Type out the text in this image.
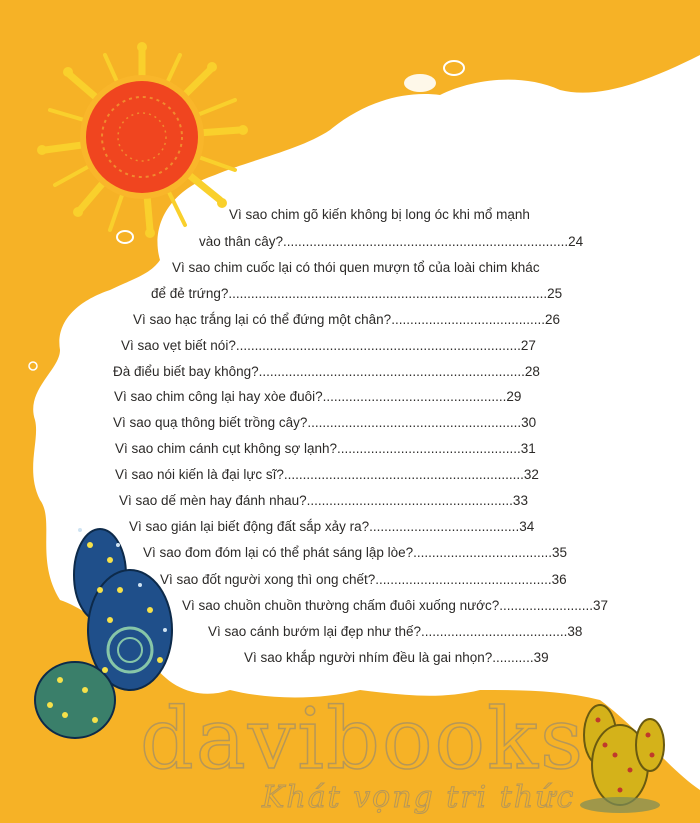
Vì sao chim gõ kiến không bị long óc khi mổ mạnh
vào thân cây?............................................................................24
Vì sao chim cuốc lại có thói quen mượn tổ của loài chim khác
để đẻ trứng?.....................................................................................25
Vì sao hạc trắng lại có thể đứng một chân?.........................................26
Vì sao vẹt biết nói?............................................................................27
Đà điểu biết bay không?.......................................................................28
Vì sao chim công lại hay xòe đuôi?.................................................29
Vì sao quạ thông biết trồng cây?.........................................................30
Vì sao chim cánh cụt không sợ lạnh?.................................................31
Vì sao nói kiến là đại lực sĩ?................................................................32
Vì sao dế mèn hay đánh nhau?.......................................................33
Vì sao gián lại biết động đất sắp xảy ra?........................................34
Vì sao đom đóm lại có thể phát sáng lập lòe?.....................................35
Vì sao đốt người xong thì ong chết?...............................................36
Vì sao chuồn chuồn thường chấm đuôi xuống nước?.........................37
Vì sao cánh bướm lại đẹp như thế?.......................................38
Vì sao khắp người nhím đều là gai nhọn?...........39
davibooks
Khát vọng tri thức
